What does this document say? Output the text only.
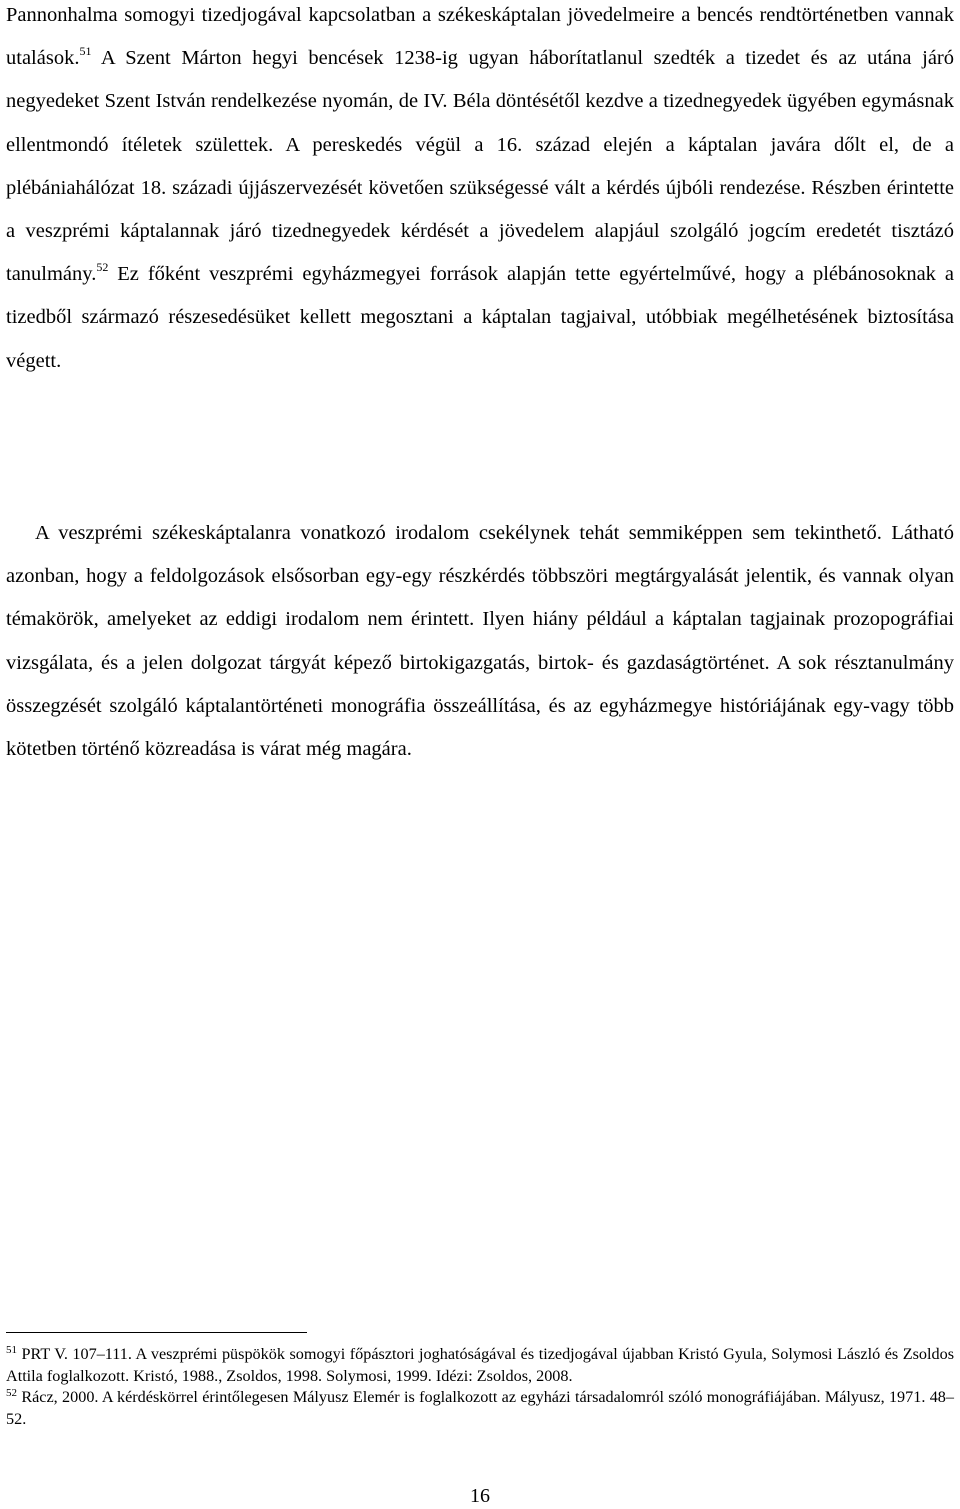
Pannonhalma somogyi tizedjogával kapcsolatban a székeskáptalan jövedelmeire a bencés rendtörténetben vannak utalások.$^{51}$ A Szent Márton hegyi bencések 1238-ig ugyan háborítatlanul szedték a tizedet és az utána járó negyedeket Szent István rendelkezése nyomán, de IV. Béla döntésétől kezdve a tizednegyedek ügyében egymásnak ellentmondó ítéletek születtek. A pereskedés végül a 16. század elején a káptalan javára dőlt el, de a plébániahálózat 18. századi újjászervezését követően szükségessé vált a kérdés újbóli rendezése. Részben érintette a veszprémi káptalannak járó tizednegyedek kérdését a jövedelem alapjául szolgáló jogcím eredetét tisztázó tanulmány.$^{52}$ Ez főként veszprémi egyházmegyei források alapján tette egyértelművé, hogy a plébánosoknak a tizedből származó részesedésüket kellett megosztani a káptalan tagjaival, utóbbiak megélhetésének biztosítása végett.

A veszprémi székeskáptalanra vonatkozó irodalom csekélynek tehát semmiképpen sem tekinthető. Látható azonban, hogy a feldolgozások elsősorban egy-egy részkérdés többszöri megtárgyalását jelentik, és vannak olyan témakörök, amelyeket az eddigi irodalom nem érintett. Ilyen hiány például a káptalan tagjainak prozopográfiai vizsgálata, és a jelen dolgozat tárgyát képező birtokigazgatás, birtok- és gazdaságtörténet. A sok résztanulmány összegzését szolgáló káptalantörténeti monográfia összeállítása, és az egyházmegye históriájának egy-vagy több kötetben történő közreadása is várat még magára.

$^{51}$ PRT V. 107–111. A veszprémi püspökök somogyi főpásztori joghatóságával és tizedjogával újabban Kristó Gyula, Solymosi László és Zsoldos Attila foglalkozott. Kristó, 1988., Zsoldos, 1998. Solymosi, 1999. Idézi: Zsoldos, 2008.

$^{52}$ Rácz, 2000. A kérdéskörrel érintőlegesen Mályusz Elemér is foglalkozott az egyházi társadalomról szóló monográfiájában. Mályusz, 1971. 48–52.

16
